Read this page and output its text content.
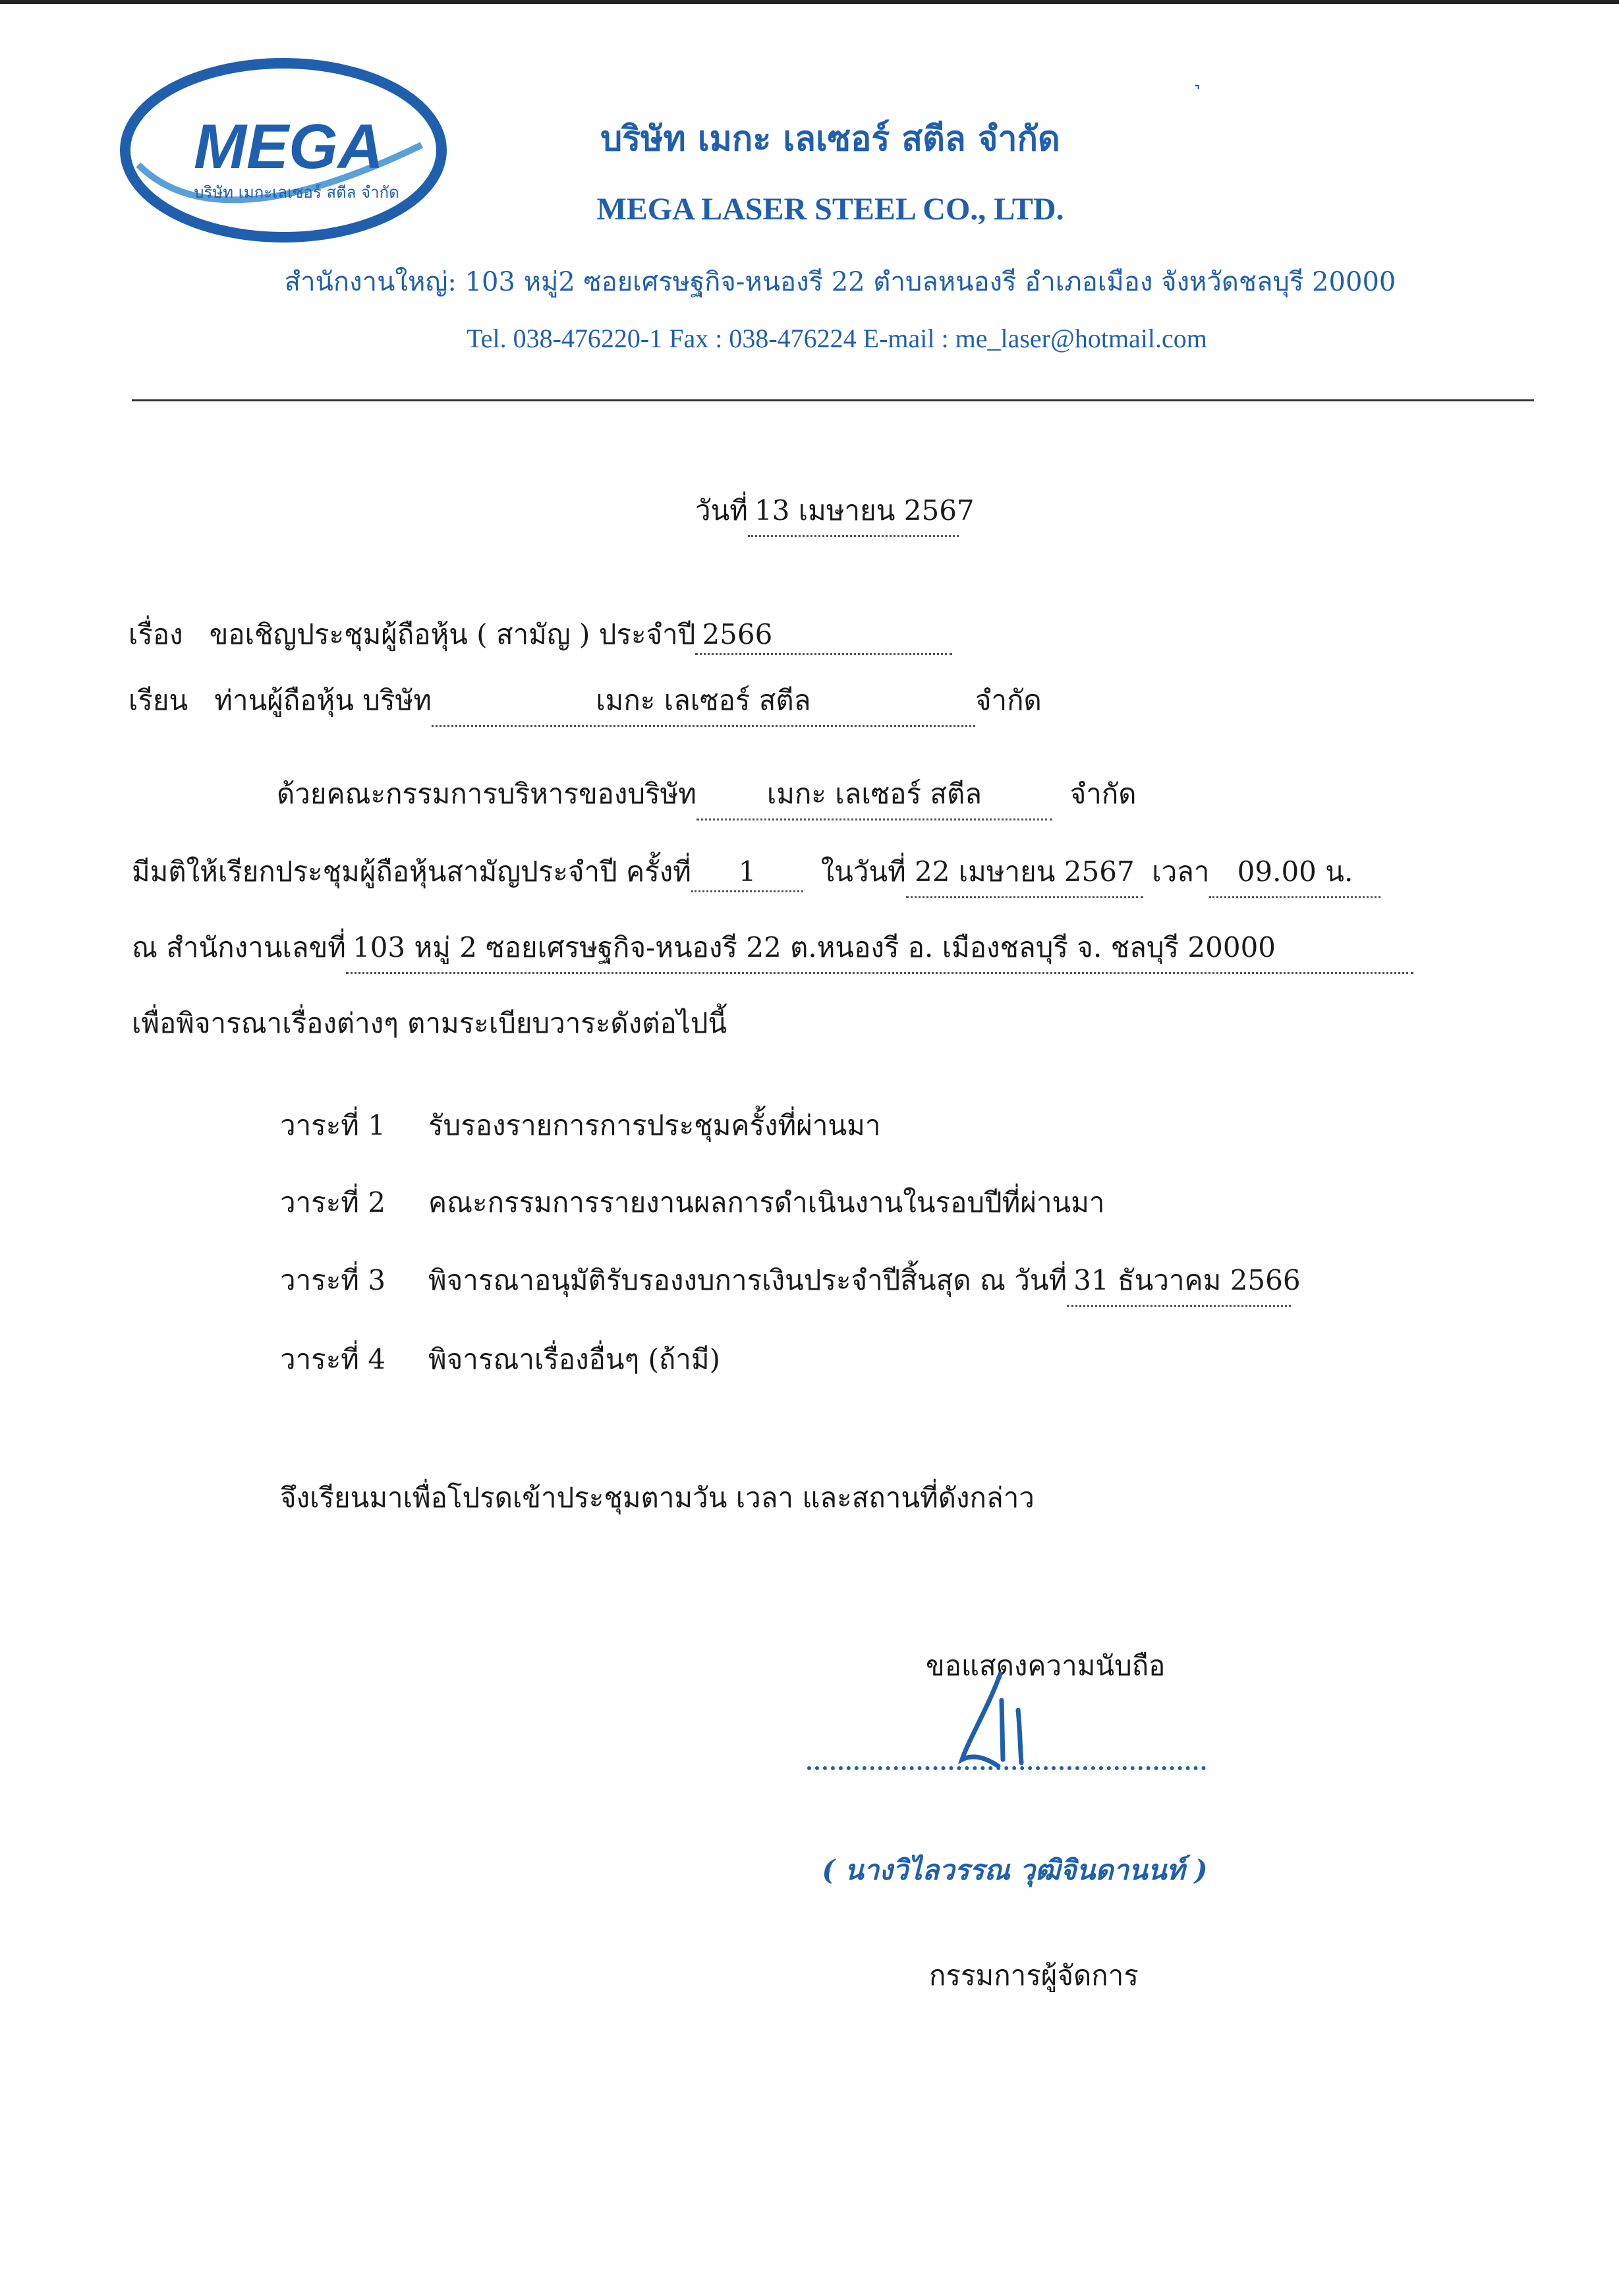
MEGA
บริษัท เมกะเลเซอร์ สตีล จำกัด
บริษัท เมกะ เลเซอร์ สตีล จำกัด
MEGA LASER STEEL CO., LTD.
สำนักงานใหญ่: 103 หมู่2 ซอยเศรษฐกิจ-หนองรี 22 ตำบลหนองรี อำเภอเมือง จังหวัดชลบุรี 20000
Tel. 038-476220-1 Fax : 038-476224 E-mail : me_laser@hotmail.com
˺
วันที่ 13 เมษายน 2567
เรื่อง ขอเชิญประชุมผู้ถือหุ้น ( สามัญ ) ประจำปี 2566
เรียน ท่านผู้ถือหุ้น บริษัท	เมกะ เลเซอร์ สตีล	จำกัด
ด้วยคณะกรรมการบริหารของบริษัท	เมกะ เลเซอร์ สตีล	จำกัด
มีมติให้เรียกประชุมผู้ถือหุ้นสามัญประจำปี ครั้งที่ 1 ในวันที่ 22 เมษายน 2567 เวลา 09.00 น.
ณ สำนักงานเลขที่ 103 หมู่ 2 ซอยเศรษฐกิจ-หนองรี 22 ต.หนองรี อ. เมืองชลบุรี จ. ชลบุรี 20000
เพื่อพิจารณาเรื่องต่างๆ ตามระเบียบวาระดังต่อไปนี้
วาระที่ 1 รับรองรายการการประชุมครั้งที่ผ่านมา
วาระที่ 2 คณะกรรมการรายงานผลการดำเนินงานในรอบปีที่ผ่านมา
วาระที่ 3 พิจารณาอนุมัติรับรองงบการเงินประจำปีสิ้นสุด ณ วันที่ 31 ธันวาคม 2566
วาระที่ 4 พิจารณาเรื่องอื่นๆ (ถ้ามี)
จึงเรียนมาเพื่อโปรดเข้าประชุมตามวัน เวลา และสถานที่ดังกล่าว
ขอแสดงความนับถือ
( นางวิไลวรรณ วุฒิจินดานนท์ )
กรรมการผู้จัดการ
